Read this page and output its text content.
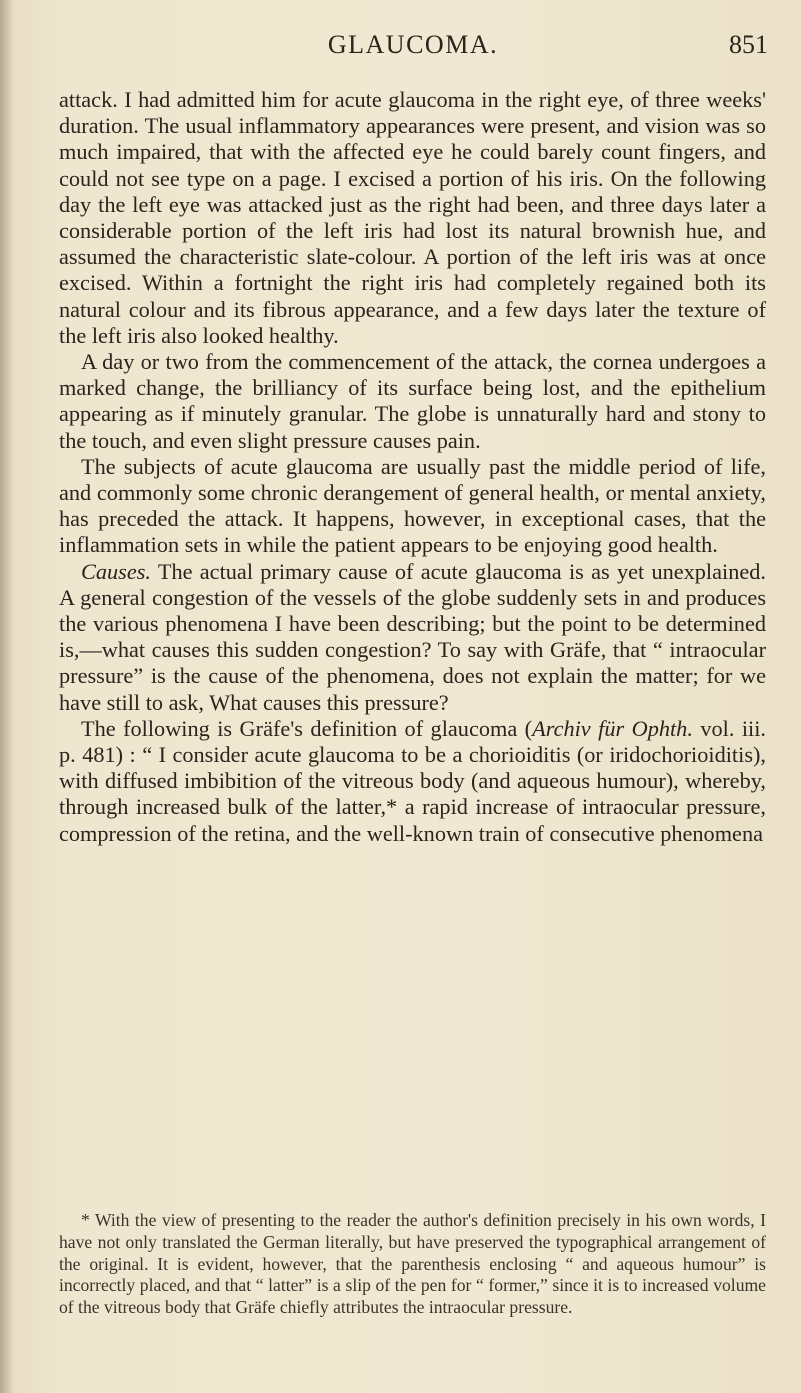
GLAUCOMA.	851

attack. I had admitted him for acute glaucoma in the right eye, of three weeks' duration. The usual inflammatory appearances were present, and vision was so much impaired, that with the affected eye he could barely count fingers, and could not see type on a page. I excised a portion of his iris. On the following day the left eye was attacked just as the right had been, and three days later a considerable portion of the left iris had lost its natural brownish hue, and assumed the characteristic slate-colour. A portion of the left iris was at once excised. Within a fortnight the right iris had completely regained both its natural colour and its fibrous appearance, and a few days later the texture of the left iris also looked healthy.

A day or two from the commencement of the attack, the cornea undergoes a marked change, the brilliancy of its surface being lost, and the epithelium appearing as if minutely granular. The globe is unnaturally hard and stony to the touch, and even slight pressure causes pain.

The subjects of acute glaucoma are usually past the middle period of life, and commonly some chronic derangement of general health, or mental anxiety, has preceded the attack. It happens, however, in exceptional cases, that the inflammation sets in while the patient appears to be enjoying good health.

Causes. The actual primary cause of acute glaucoma is as yet unexplained. A general congestion of the vessels of the globe suddenly sets in and produces the various phenomena I have been describing; but the point to be determined is,—what causes this sudden congestion? To say with Gräfe, that “ intraocular pressure” is the cause of the phenomena, does not explain the matter; for we have still to ask, What causes this pressure?

The following is Gräfe's definition of glaucoma (Archiv für Ophth. vol. iii. p. 481) : “ I consider acute glaucoma to be a chorioiditis (or iridochorioiditis), with diffused imbibition of the vitreous body (and aqueous humour), whereby, through increased bulk of the latter,* a rapid increase of intraocular pressure, compression of the retina, and the well-known train of consecutive phenomena

* With the view of presenting to the reader the author's definition precisely in his own words, I have not only translated the German literally, but have preserved the typographical arrangement of the original. It is evident, however, that the parenthesis enclosing “ and aqueous humour” is incorrectly placed, and that “ latter” is a slip of the pen for “ former,” since it is to increased volume of the vitreous body that Gräfe chiefly attributes the intraocular pressure.
